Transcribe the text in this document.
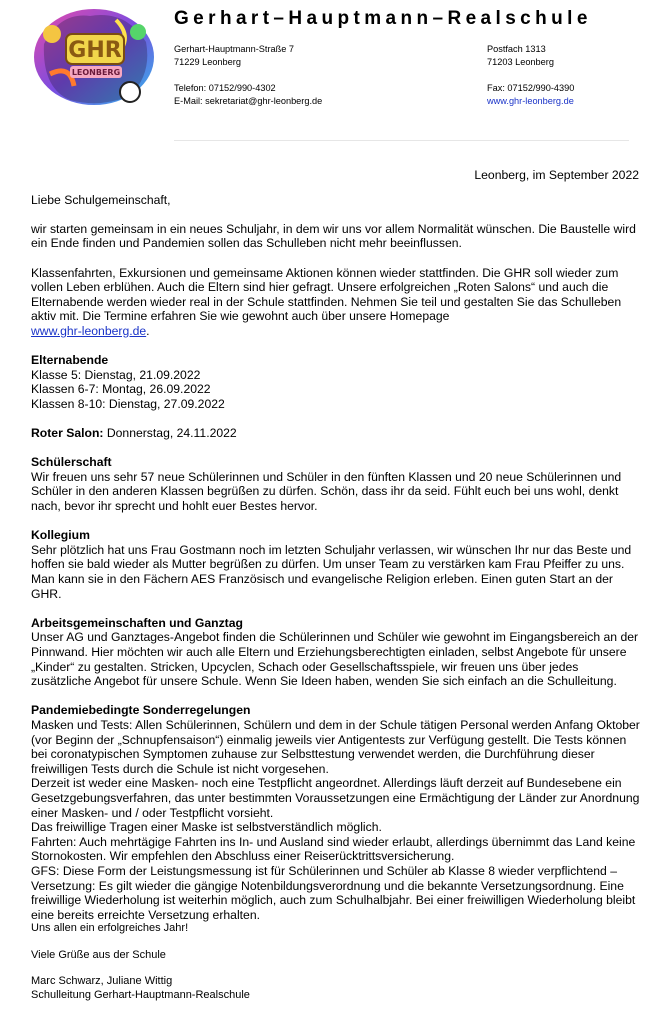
GHR
LEONBERG
Gerhart–Hauptmann–Realschule
Gerhart-Hauptmann-Straße 7
71229 Leonberg
Telefon: 07152/990-4302
E-Mail: sekretariat@ghr-leonberg.de
Postfach 1313
71203 Leonberg
Fax: 07152/990-4390
www.ghr-leonberg.de

Leonberg, im September 2022

Liebe Schulgemeinschaft,

wir starten gemeinsam in ein neues Schuljahr, in dem wir uns vor allem Normalität wünschen. Die Baustelle wird ein Ende finden und Pandemien sollen das Schulleben nicht mehr beeinflussen.

Klassenfahrten, Exkursionen und gemeinsame Aktionen können wieder stattfinden. Die GHR soll wieder zum vollen Leben erblühen. Auch die Eltern sind hier gefragt. Unsere erfolgreichen „Roten Salons“ und auch die Elternabende werden wieder real in der Schule stattfinden. Nehmen Sie teil und gestalten Sie das Schulleben aktiv mit. Die Termine erfahren Sie wie gewohnt auch über unsere Homepage
www.ghr-leonberg.de.

Elternabende

Klasse 5: Dienstag, 21.09.2022

Klassen 6-7: Montag, 26.09.2022

Klassen 8-10: Dienstag, 27.09.2022

Roter Salon: Donnerstag, 24.11.2022

Schülerschaft

Wir freuen uns sehr 57 neue Schülerinnen und Schüler in den fünften Klassen und 20 neue Schülerinnen und Schüler in den anderen Klassen begrüßen zu dürfen. Schön, dass ihr da seid. Fühlt euch bei uns wohl, denkt nach, bevor ihr sprecht und hohlt euer Bestes hervor.

Kollegium

Sehr plötzlich hat uns Frau Gostmann noch im letzten Schuljahr verlassen, wir wünschen Ihr nur das Beste und hoffen sie bald wieder als Mutter begrüßen zu dürfen. Um unser Team zu verstärken kam Frau Pfeiffer zu uns. Man kann sie in den Fächern AES Französisch und evangelische Religion erleben. Einen guten Start an der GHR.

Arbeitsgemeinschaften und Ganztag

Unser AG und Ganztages-Angebot finden die Schülerinnen und Schüler wie gewohnt im Eingangsbereich an der Pinnwand. Hier möchten wir auch alle Eltern und Erziehungsberechtigten einladen, selbst Angebote für unsere „Kinder“ zu gestalten. Stricken, Upcyclen, Schach oder Gesellschaftsspiele, wir freuen uns über jedes zusätzliche Angebot für unsere Schule. Wenn Sie Ideen haben, wenden Sie sich einfach an die Schulleitung.

Pandemiebedingte Sonderregelungen

Masken und Tests: Allen Schülerinnen, Schülern und dem in der Schule tätigen Personal werden Anfang Oktober (vor Beginn der „Schnupfensaison“) einmalig jeweils vier Antigentests zur Verfügung gestellt. Die Tests können bei coronatypischen Symptomen zuhause zur Selbsttestung verwendet werden, die Durchführung dieser freiwilligen Tests durch die Schule ist nicht vorgesehen.

Derzeit ist weder eine Masken- noch eine Testpflicht angeordnet. Allerdings läuft derzeit auf Bundesebene ein Gesetzgebungsverfahren, das unter bestimmten Voraussetzungen eine Ermächtigung der Länder zur Anordnung einer Masken- und / oder Testpflicht vorsieht.

Das freiwillige Tragen einer Maske ist selbstverständlich möglich.

Fahrten: Auch mehrtägige Fahrten ins In- und Ausland sind wieder erlaubt, allerdings übernimmt das Land keine Stornokosten. Wir empfehlen den Abschluss einer Reiserücktrittsversicherung.

GFS: Diese Form der Leistungsmessung ist für Schülerinnen und Schüler ab Klasse 8 wieder verpflichtend – Versetzung: Es gilt wieder die gängige Notenbildungsverordnung und die bekannte Versetzungsordnung. Eine freiwillige Wiederholung ist weiterhin möglich, auch zum Schulhalbjahr. Bei einer freiwilligen Wiederholung bleibt eine bereits erreichte Versetzung erhalten.

Uns allen ein erfolgreiches Jahr!

Viele Grüße aus der Schule

Marc Schwarz, Juliane Wittig

Schulleitung Gerhart-Hauptmann-Realschule
